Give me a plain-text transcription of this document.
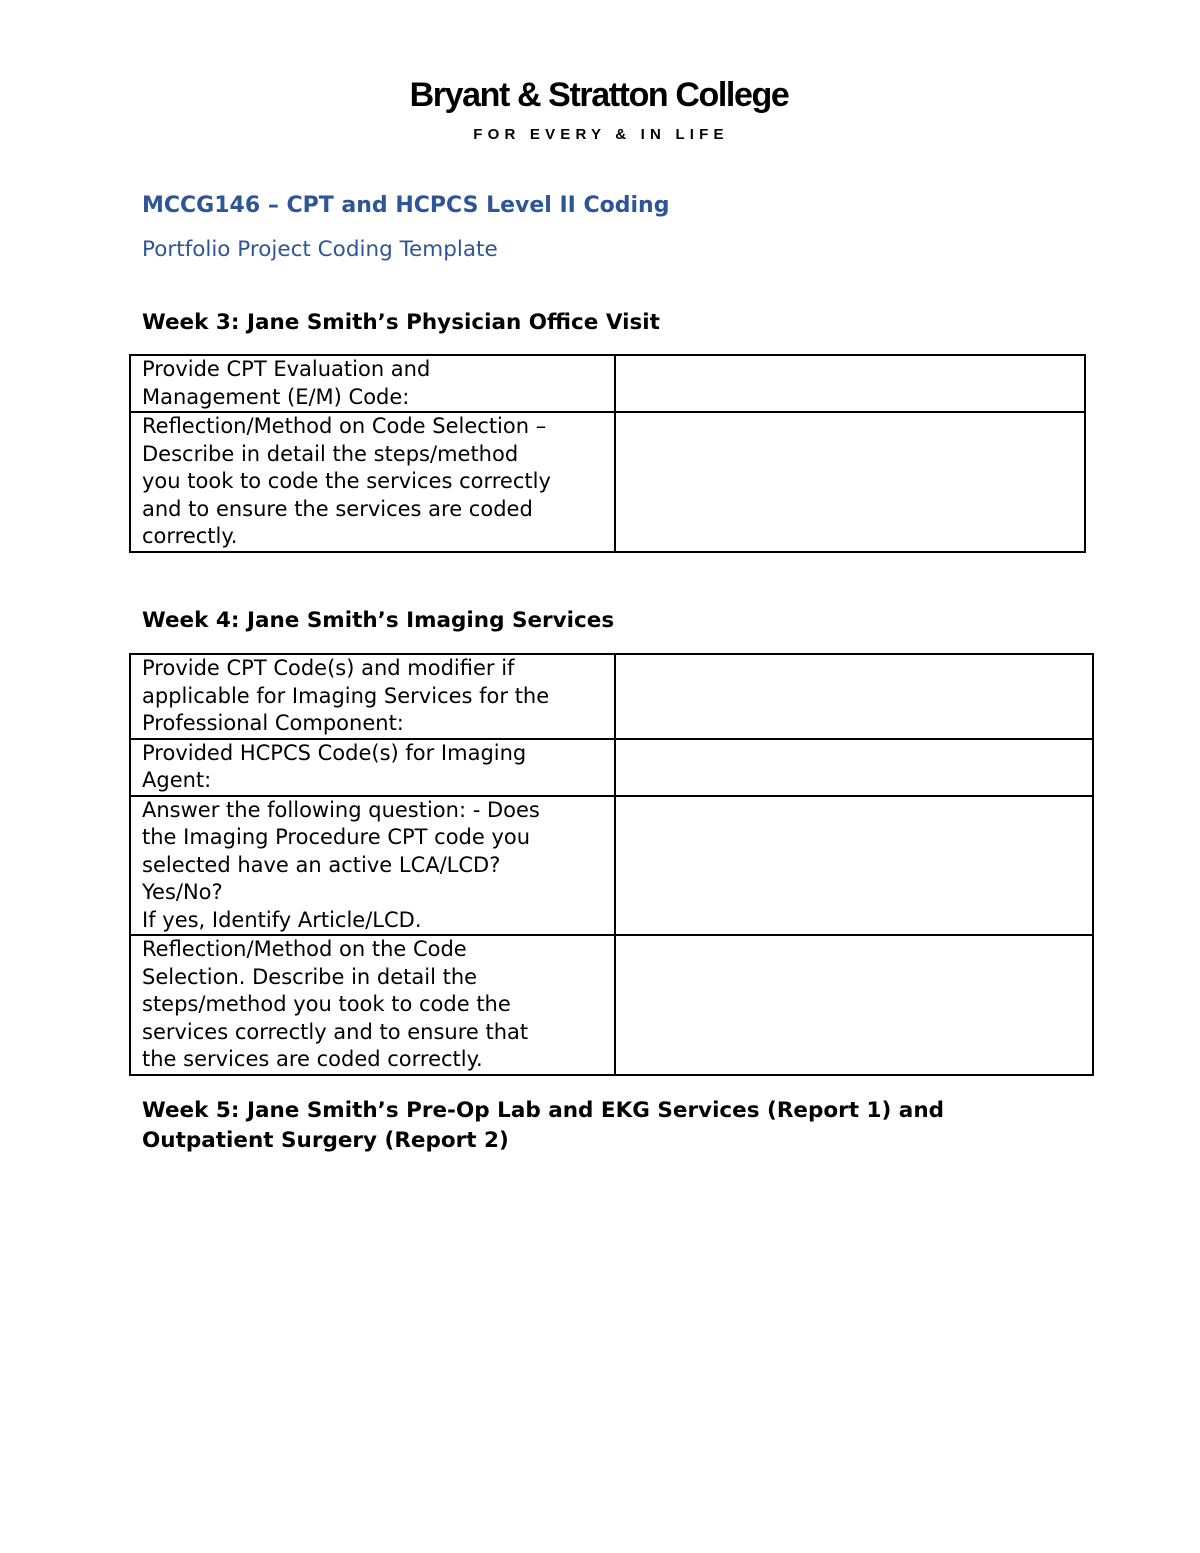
Bryant & Stratton College
FOR EVERY & IN LIFE
MCCG146 – CPT and HCPCS Level II Coding
Portfolio Project Coding Template
Week 3: Jane Smith’s Physician Office Visit
Provide CPT Evaluation and
Management (E/M) Code:	

Reflection/Method on Code Selection –
Describe in detail the steps/method
you took to code the services correctly
and to ensure the services are coded
correctly.	

Week 4: Jane Smith’s Imaging Services
Provide CPT Code(s) and modifier if
applicable for Imaging Services for the
Professional Component:	

Provided HCPCS Code(s) for Imaging
Agent:	

Answer the following question: - Does
the Imaging Procedure CPT code you
selected have an active LCA/LCD?
Yes/No?
If yes, Identify Article/LCD.	

Reflection/Method on the Code
Selection. Describe in detail the
steps/method you took to code the
services correctly and to ensure that
the services are coded correctly.	

Week 5: Jane Smith’s Pre-Op Lab and EKG Services (Report 1) and
Outpatient Surgery (Report 2)
